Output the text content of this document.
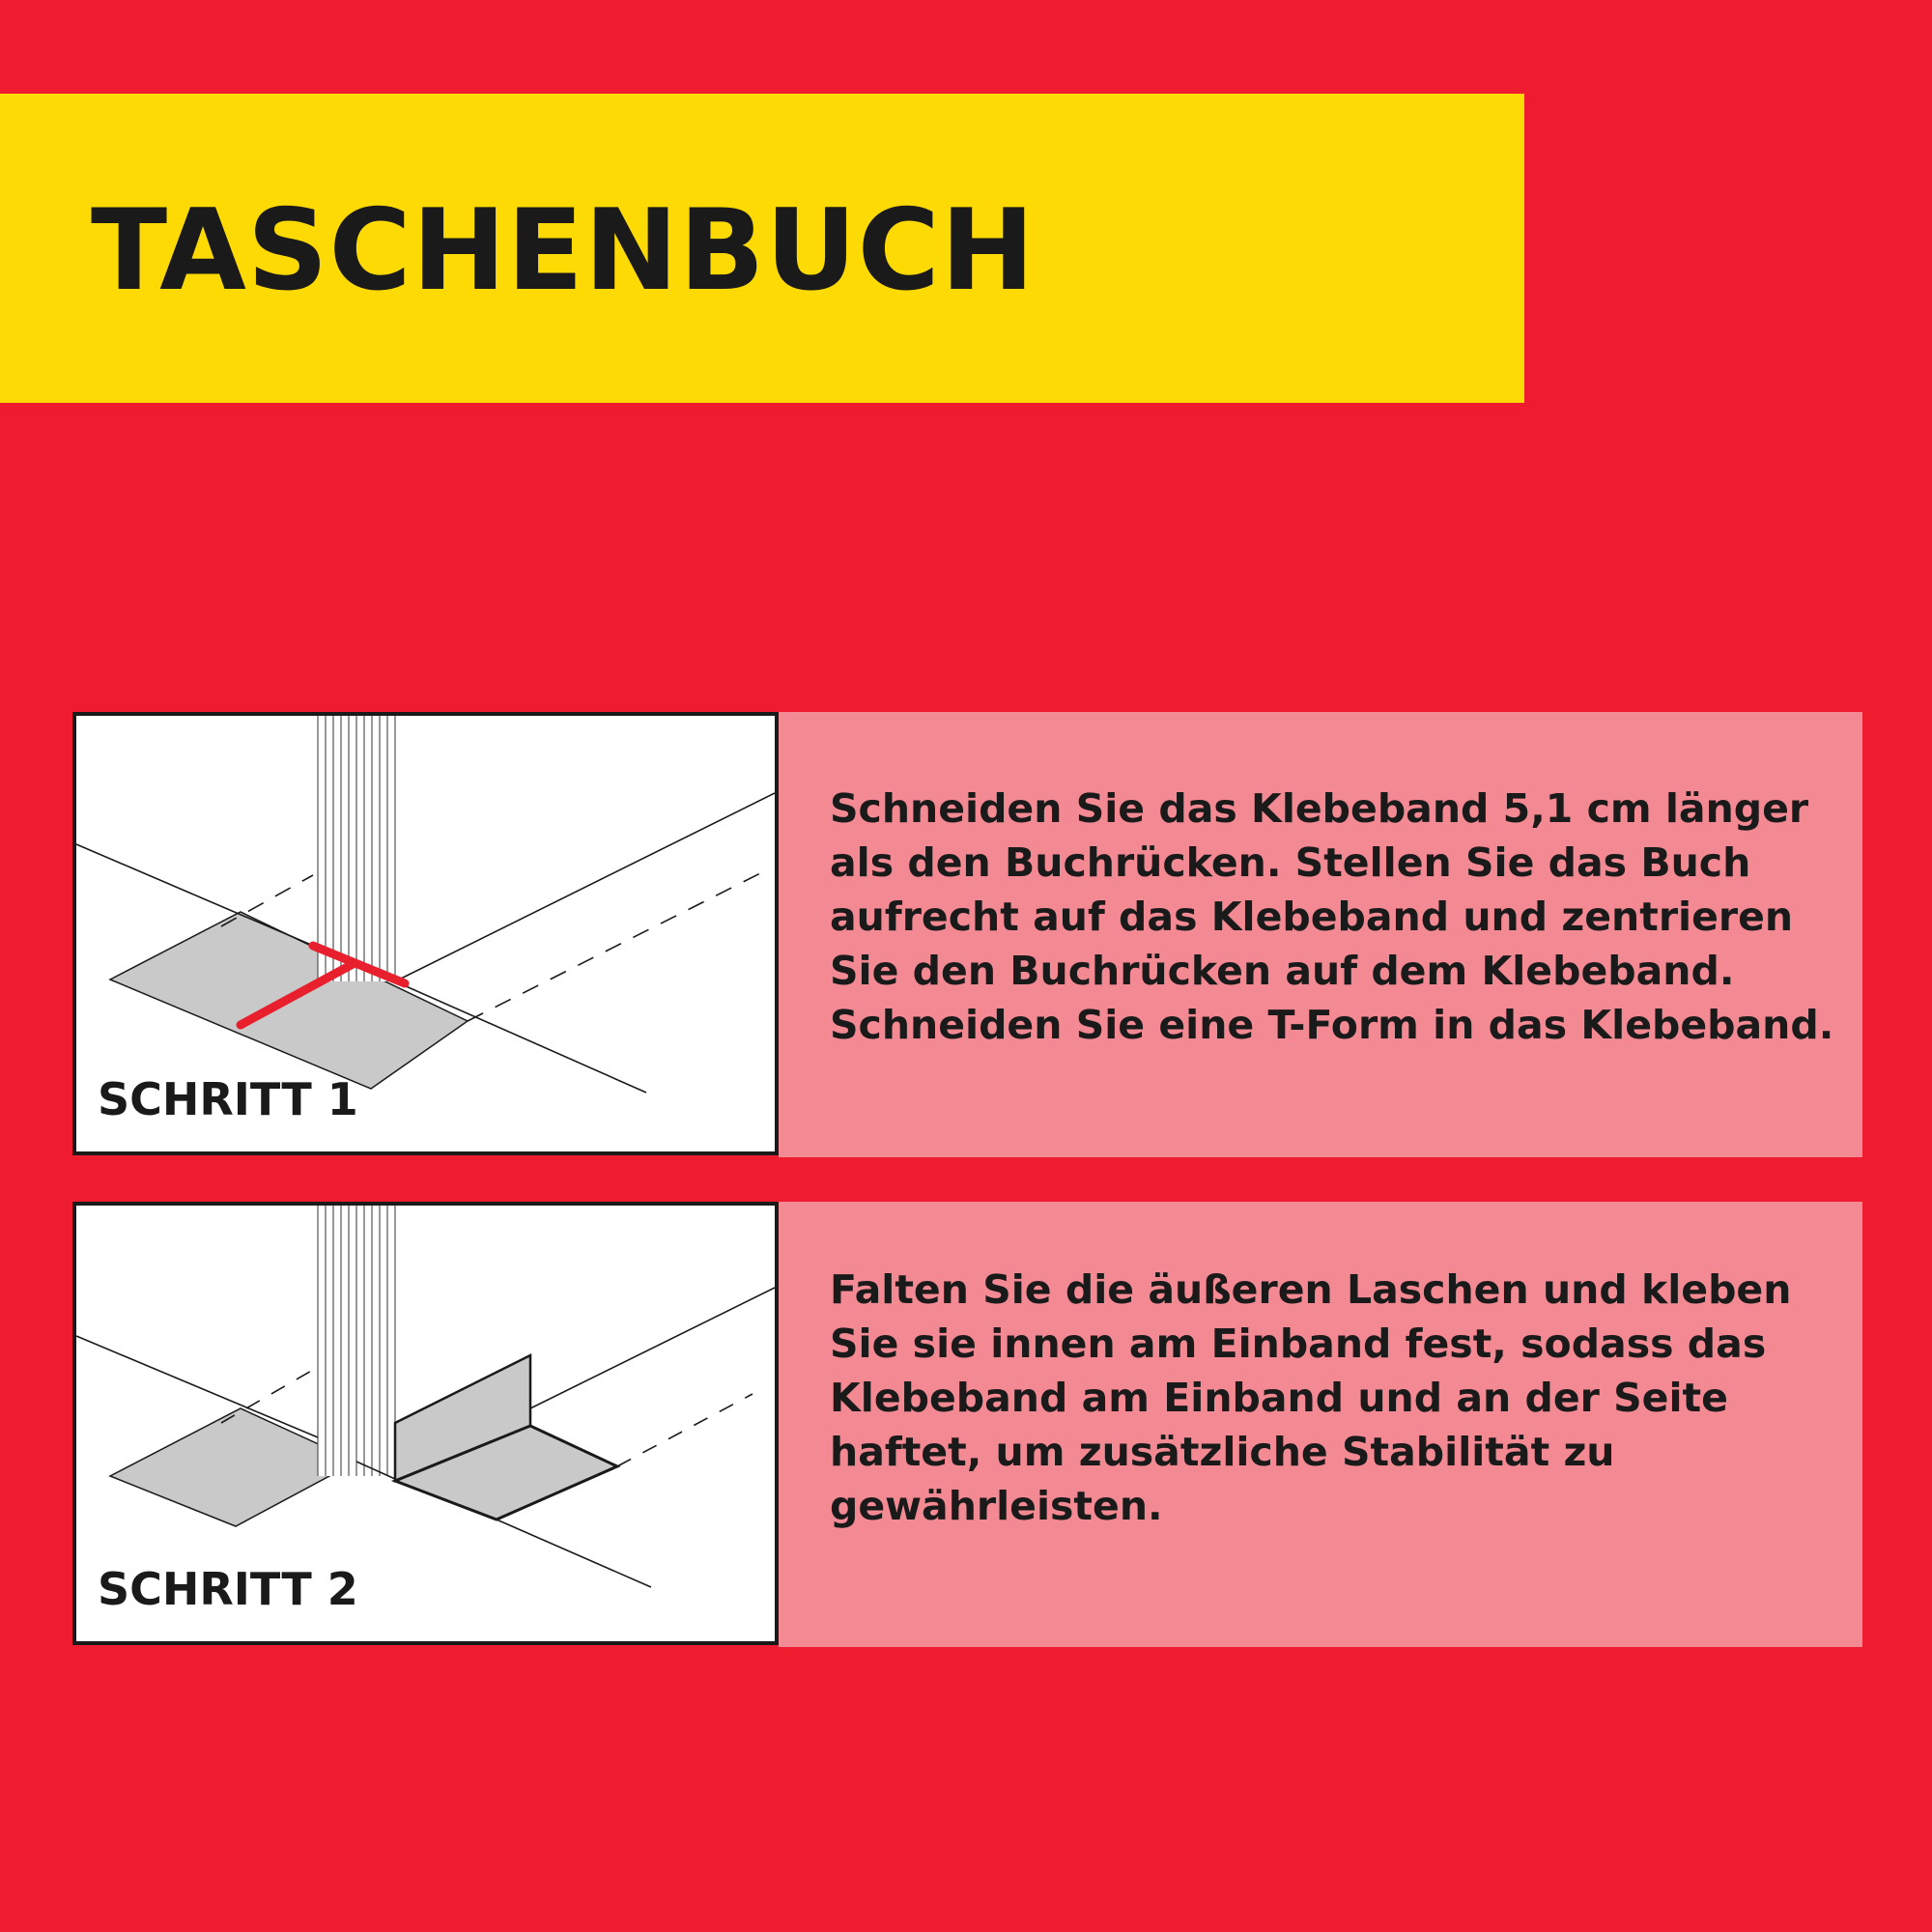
TASCHENBUCH
SCHRITT 1
Schneiden Sie das Klebeband 5,1 cm länger als den Buchrücken. Stellen Sie das Buch aufrecht auf das Klebeband und zentrieren Sie den Buchrücken auf dem Klebeband. Schneiden Sie eine T-Form in das Klebeband.
SCHRITT 2
Falten Sie die äußeren Laschen und kleben Sie sie innen am Einband fest, sodass das Klebeband am Einband und an der Seite haftet, um zusätzliche Stabilität zu gewährleisten.
